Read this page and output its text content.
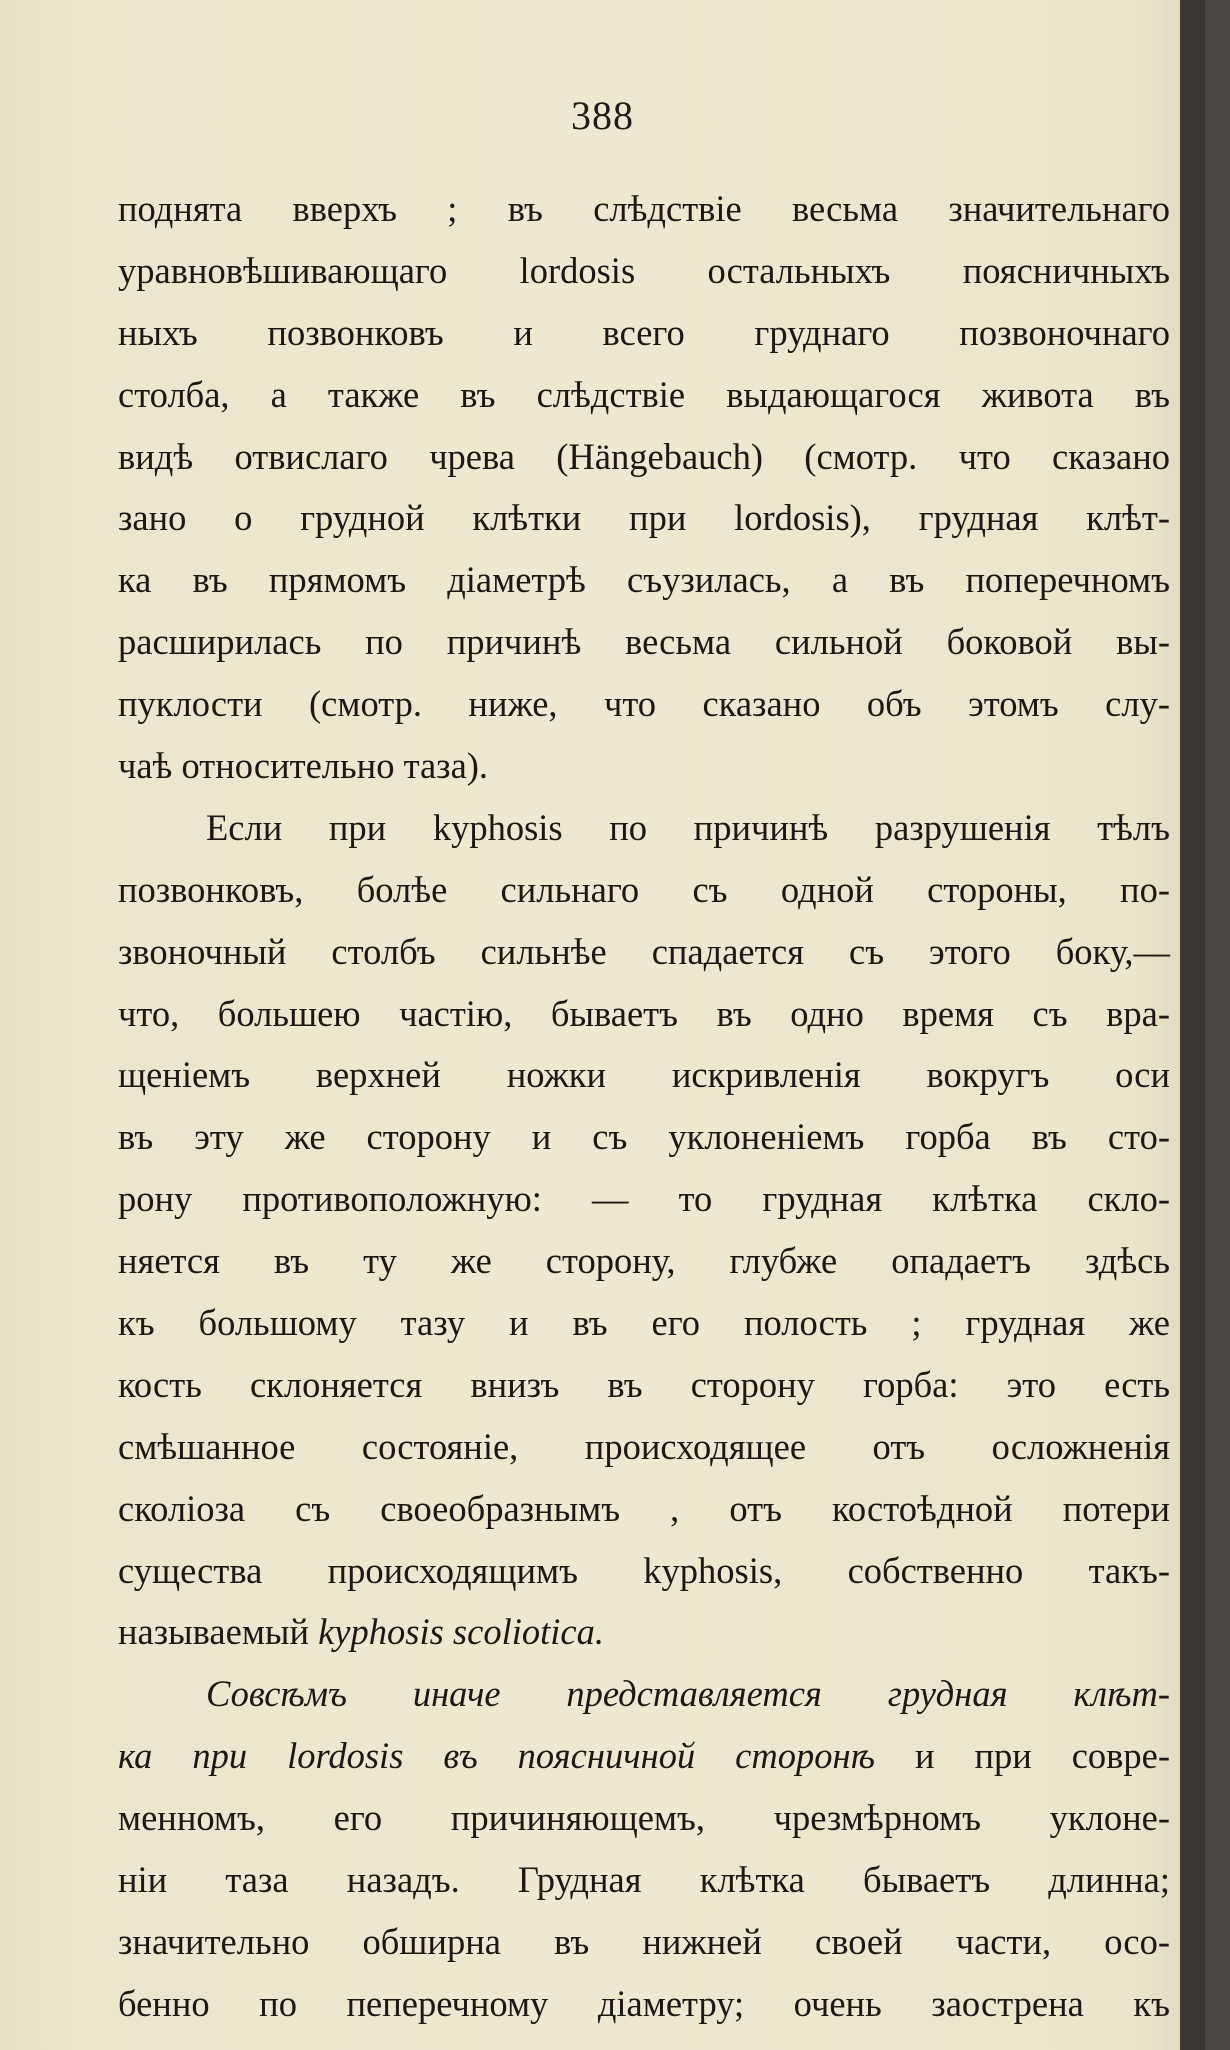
388
поднята вверхъ ; въ слѣдствіе весьма значительнаго
уравновѣшивающаго lordosis остальныхъ поясничныхъ
ныхъ позвонковъ и всего груднаго позвоночнаго
столба, а также въ слѣдствіе выдающагося живота въ
видѣ отвислаго чрева (Hängebauch) (смотр. что сказано
зано о грудной клѣтки при lordosis), грудная клѣт-
ка въ прямомъ діаметрѣ съузилась, а въ поперечномъ
расширилась по причинѣ весьма сильной боковой вы-
пуклости (смотр. ниже, что сказано объ этомъ слу-
чаѣ относительно таза).
Если при kyphosis по причинѣ разрушенія тѣлъ
позвонковъ, болѣе сильнаго съ одной стороны, по-
звоночный столбъ сильнѣе спадается съ этого боку,—
что, большею частію, бываетъ въ одно время съ вра-
щеніемъ верхней ножки искривленія вокругъ оси
въ эту же сторону и съ уклоненіемъ горба въ сто-
рону противоположную: — то грудная клѣтка скло-
няется въ ту же сторону, глубже опадаетъ здѣсь
къ большому тазу и въ его полость ; грудная же
кость склоняется внизъ въ сторону горба: это есть
смѣшанное состояніе, происходящее отъ осложненія
сколіоза съ своеобразнымъ , отъ костоѣдной потери
существа происходящимъ kyphosis, собственно такъ-
называемый kyphosis scoliotica.
Совсѣмъ иначе представляется грудная клѣт-
ка при lordosis въ поясничной сторонѣ и при совре-
менномъ, его причиняющемъ, чрезмѣрномъ уклоне-
ніи таза назадъ. Грудная клѣтка бываетъ длинна;
значительно обширна въ нижней своей части, осо-
бенно по пеперечному діаметру; очень заострена къ
